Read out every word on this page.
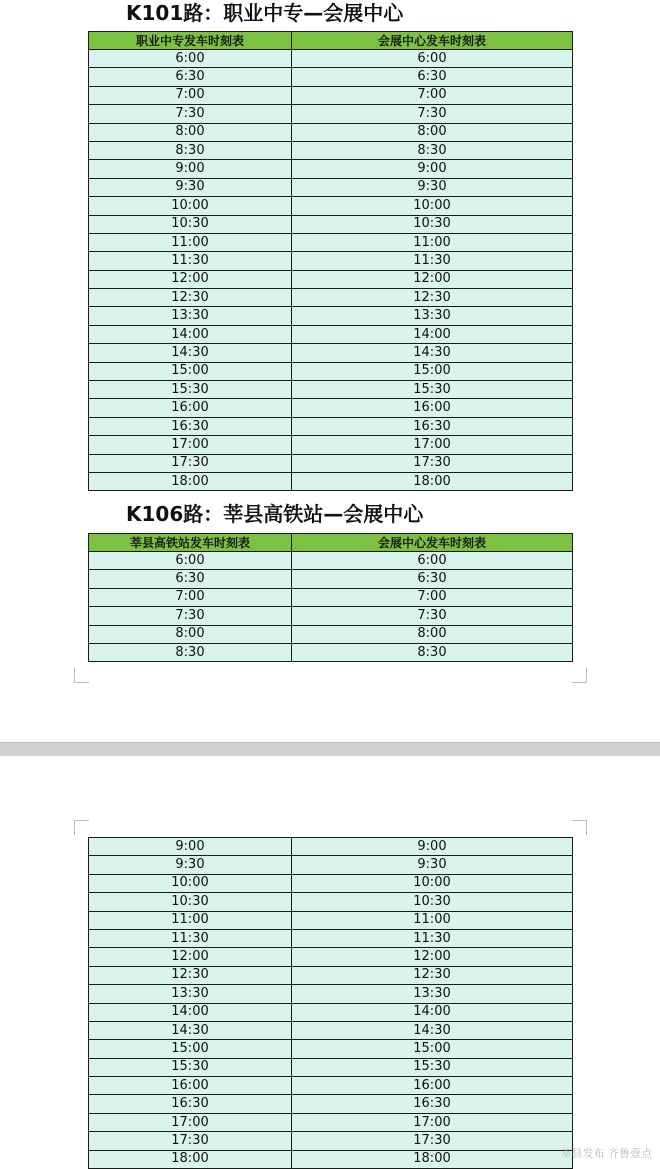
K101路：职业中专—会展中心
职业中专发车时刻表	会展中心发车时刻表
6:00	6:00
6:30	6:30
7:00	7:00
7:30	7:30
8:00	8:00
8:30	8:30
9:00	9:00
9:30	9:30
10:00	10:00
10:30	10:30
11:00	11:00
11:30	11:30
12:00	12:00
12:30	12:30
13:30	13:30
14:00	14:00
14:30	14:30
15:00	15:00
15:30	15:30
16:00	16:00
16:30	16:30
17:00	17:00
17:30	17:30
18:00	18:00
K106路：莘县高铁站—会展中心
莘县高铁站发车时刻表	会展中心发车时刻表
6:00	6:00
6:30	6:30
7:00	7:00
7:30	7:30
8:00	8:00
8:30	8:30
9:00	9:00
9:30	9:30
10:00	10:00
10:30	10:30
11:00	11:00
11:30	11:30
12:00	12:00
12:30	12:30
13:30	13:30
14:00	14:00
14:30	14:30
15:00	15:00
15:30	15:30
16:00	16:00
16:30	16:30
17:00	17:00
17:30	17:30
18:00	18:00	莘县发布 齐鲁壹点
